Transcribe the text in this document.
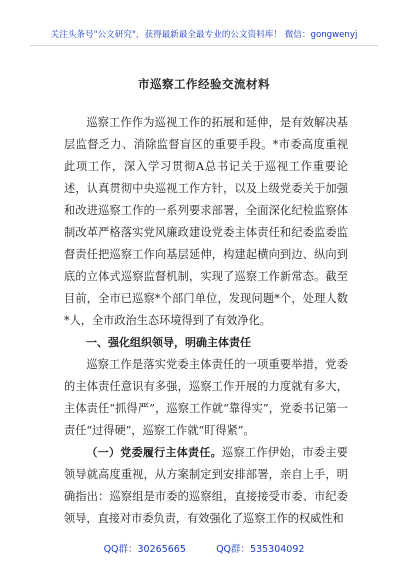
关注头条号"公文研究"，获得最新最全最专业的公文资料库！ 微信：gongwenyj
市巡察工作经验交流材料

巡察工作作为巡视工作的拓展和延伸，是有效解决基层监督乏力、消除监督盲区的重要手段。*市委高度重视此项工作，深入学习贯彻A总书记关于巡视工作重要论述，认真贯彻中央巡视工作方针，以及上级党委关于加强和改进巡察工作的一系列要求部署，全面深化纪检监察体制改革严格落实党风廉政建设党委主体责任和纪委监委监督责任把巡察工作向基层延伸，构建起横向到边、纵向到底的立体式巡察监督机制，实现了巡察工作新常态。截至目前，全市已巡察*个部门单位，发现问题*个，处理人数*人，全市政治生态环境得到了有效净化。

一、强化组织领导，明确主体责任

巡察工作是落实党委主体责任的一项重要举措，党委的主体责任意识有多强，巡察工作开展的力度就有多大，主体责任“抓得严”，巡察工作就“靠得实”，党委书记第一责任“过得硬”，巡察工作就“盯得紧”。

（一）党委履行主体责任。巡察工作伊始，市委主要领导就高度重视，从方案制定到安排部署，亲自上手，明确指出：巡察组是市委的巡察组，直接接受市委、市纪委领导，直接对市委负责，有效强化了巡察工作的权威性和

QQ群：30265665	QQ群：535304092
